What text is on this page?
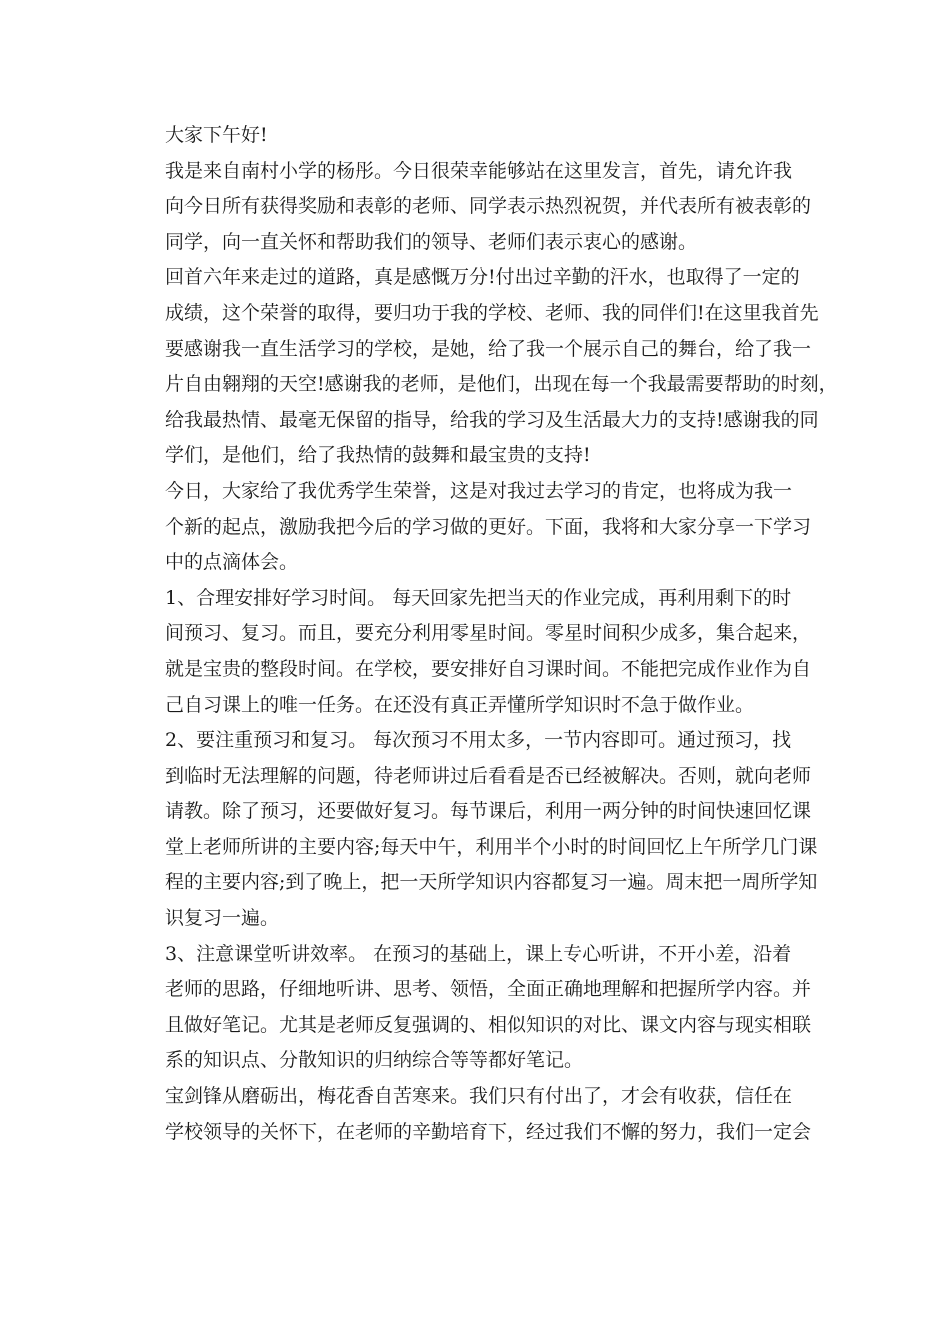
大家下午好!
我是来自南村小学的杨彤。今日很荣幸能够站在这里发言，首先，请允许我
向今日所有获得奖励和表彰的老师、同学表示热烈祝贺，并代表所有被表彰的
同学，向一直关怀和帮助我们的领导、老师们表示衷心的感谢。
回首六年来走过的道路，真是感慨万分!付出过辛勤的汗水，也取得了一定的
成绩，这个荣誉的取得，要归功于我的学校、老师、我的同伴们!在这里我首先
要感谢我一直生活学习的学校，是她，给了我一个展示自己的舞台，给了我一
片自由翱翔的天空!感谢我的老师，是他们，出现在每一个我最需要帮助的时刻，
给我最热情、最毫无保留的指导，给我的学习及生活最大力的支持!感谢我的同
学们，是他们，给了我热情的鼓舞和最宝贵的支持!
今日，大家给了我优秀学生荣誉，这是对我过去学习的肯定，也将成为我一
个新的起点，激励我把今后的学习做的更好。下面，我将和大家分享一下学习
中的点滴体会。
1、合理安排好学习时间。 每天回家先把当天的作业完成，再利用剩下的时
间预习、复习。而且，要充分利用零星时间。零星时间积少成多，集合起来，
就是宝贵的整段时间。在学校，要安排好自习课时间。不能把完成作业作为自
己自习课上的唯一任务。在还没有真正弄懂所学知识时不急于做作业。
2、要注重预习和复习。 每次预习不用太多，一节内容即可。通过预习，找
到临时无法理解的问题，待老师讲过后看看是否已经被解决。否则，就向老师
请教。除了预习，还要做好复习。每节课后，利用一两分钟的时间快速回忆课
堂上老师所讲的主要内容;每天中午，利用半个小时的时间回忆上午所学几门课
程的主要内容;到了晚上，把一天所学知识内容都复习一遍。周末把一周所学知
识复习一遍。
3、注意课堂听讲效率。 在预习的基础上，课上专心听讲，不开小差，沿着
老师的思路，仔细地听讲、思考、领悟，全面正确地理解和把握所学内容。并
且做好笔记。尤其是老师反复强调的、相似知识的对比、课文内容与现实相联
系的知识点、分散知识的归纳综合等等都好笔记。
宝剑锋从磨砺出，梅花香自苦寒来。我们只有付出了，才会有收获，信任在
学校领导的关怀下，在老师的辛勤培育下，经过我们不懈的努力，我们一定会
